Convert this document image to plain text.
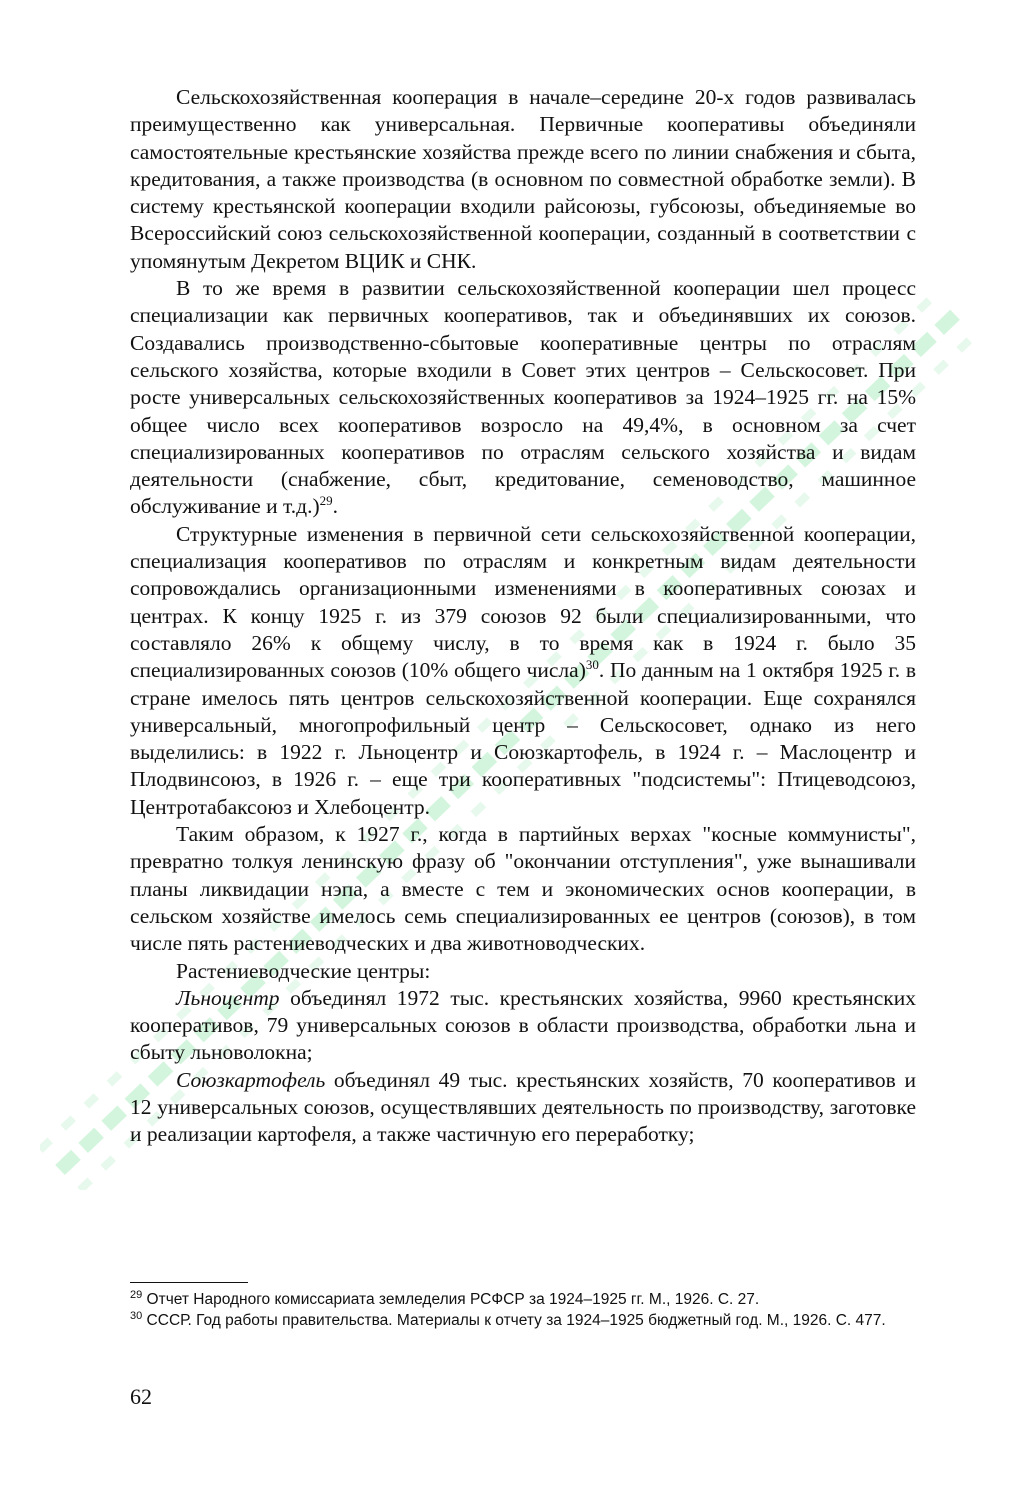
Сельскохозяйственная кооперация в начале–середине 20-х годов развивалась преимущественно как универсальная. Первичные кооперативы объединяли самостоятельные крестьянские хозяйства прежде всего по линии снабжения и сбыта, кредитования, а также производства (в основном по совместной обработке земли). В систему крестьянской кооперации входили райсоюзы, губсоюзы, объединяемые во Всероссийский союз сельскохозяйственной кооперации, созданный в соответствии с упомянутым Декретом ВЦИК и СНК.

В то же время в развитии сельскохозяйственной кооперации шел процесс специализации как первичных кооперативов, так и объединявших их союзов. Создавались производственно-сбытовые кооперативные центры по отраслям сельского хозяйства, которые входили в Совет этих центров – Сельскосовет. При росте универсальных сельскохозяйственных кооперативов за 1924–1925 гг. на 15% общее число всех кооперативов возросло на 49,4%, в основном за счет специализированных кооперативов по отраслям сельского хозяйства и видам деятельности (снабжение, сбыт, кредитование, семеноводство, машинное обслуживание и т.д.)$^{29}$.

Структурные изменения в первичной сети сельскохозяйственной кооперации, специализация кооперативов по отраслям и конкретным видам деятельности сопровождались организационными изменениями в кооперативных союзах и центрах. К концу 1925 г. из 379 союзов 92 были специализированными, что составляло 26% к общему числу, в то время как в 1924 г. было 35 специализированных союзов (10% общего числа)$^{30}$. По данным на 1 октября 1925 г. в стране имелось пять центров сельскохозяйственной кооперации. Еще сохранялся универсальный, многопрофильный центр – Сельскосовет, однако из него выделились: в 1922 г. Льноцентр и Союзкартофель, в 1924 г. – Маслоцентр и Плодвинсоюз, в 1926 г. – еще три кооперативных "подсистемы": Птицеводсоюз, Центротабаксоюз и Хлебоцентр.

Таким образом, к 1927 г., когда в партийных верхах "косные коммунисты", превратно толкуя ленинскую фразу об "окончании отступления", уже вынашивали планы ликвидации нэпа, а вместе с тем и экономических основ кооперации, в сельском хозяйстве имелось семь специализированных ее центров (союзов), в том числе пять растениеводческих и два животноводческих.

Растениеводческие центры:

Льноцентр объединял 1972 тыс. крестьянских хозяйства, 9960 крестьянских кооперативов, 79 универсальных союзов в области производства, обработки льна и сбыту льноволокна;

Союзкартофель объединял 49 тыс. крестьянских хозяйств, 70 кооперативов и 12 универсальных союзов, осуществлявших деятельность по производству, заготовке и реализации картофеля, а также частичную его переработку;

$^{29}$ Отчет Народного комиссариата земледелия РСФСР за 1924–1925 гг. М., 1926. С. 27.

$^{30}$ СССР. Год работы правительства. Материалы к отчету за 1924–1925 бюджетный год. М., 1926. С. 477.

62
